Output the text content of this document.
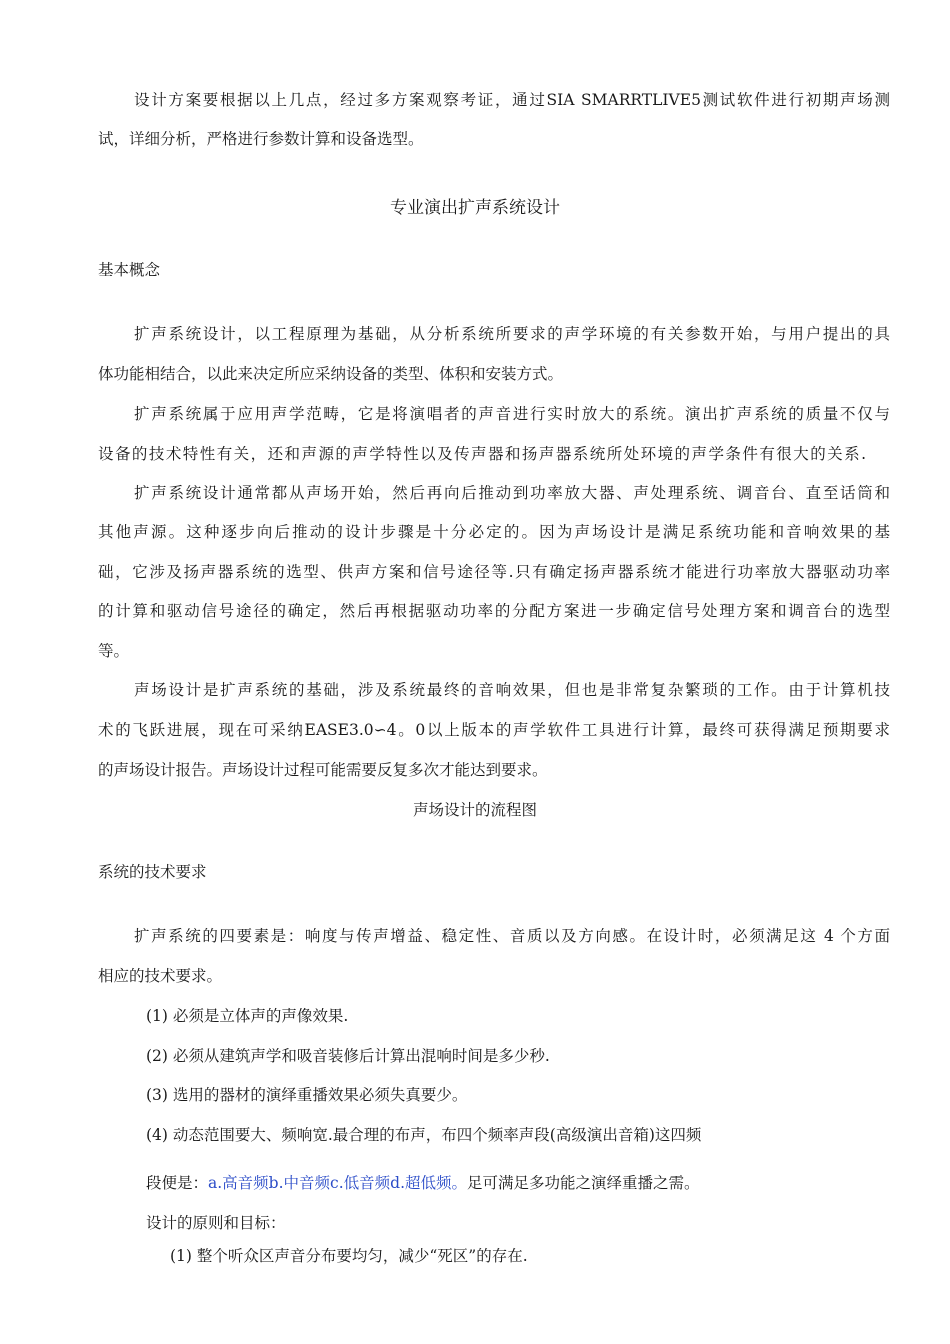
设计方案要根据以上几点，经过多方案观察考证，通过SIA SMARRTLIVE5测试软件进行初期声场测
试，详细分析，严格进行参数计算和设备选型。
专业演出扩声系统设计
基本概念
扩声系统设计，以工程原理为基础，从分析系统所要求的声学环境的有关参数开始，与用户提出的具
体功能相结合，以此来决定所应采纳设备的类型、体积和安装方式。
扩声系统属于应用声学范畴，它是将演唱者的声音进行实时放大的系统。演出扩声系统的质量不仅与
设备的技术特性有关，还和声源的声学特性以及传声器和扬声器系统所处环境的声学条件有很大的关系.
扩声系统设计通常都从声场开始，然后再向后推动到功率放大器、声处理系统、调音台、直至话筒和
其他声源。这种逐步向后推动的设计步骤是十分必定的。因为声场设计是满足系统功能和音响效果的基
础，它涉及扬声器系统的选型、供声方案和信号途径等.只有确定扬声器系统才能进行功率放大器驱动功率
的计算和驱动信号途径的确定，然后再根据驱动功率的分配方案进一步确定信号处理方案和调音台的选型
等。
声场设计是扩声系统的基础，涉及系统最终的音响效果，但也是非常复杂繁琐的工作。由于计算机技
术的飞跃进展，现在可采纳EASE3.0∽4。0以上版本的声学软件工具进行计算，最终可获得满足预期要求
的声场设计报告。声场设计过程可能需要反复多次才能达到要求。
声场设计的流程图
系统的技术要求
扩声系统的四要素是：响度与传声增益、稳定性、音质以及方向感。在设计时，必须满足这 4 个方面
相应的技术要求。
(1) 必须是立体声的声像效果.
(2) 必须从建筑声学和吸音装修后计算出混响时间是多少秒.
(3) 选用的器材的演绎重播效果必须失真要少。
(4) 动态范围要大、频响宽.最合理的布声，布四个频率声段(高级演出音箱)这四频
段便是：a.高音频b.中音频c.低音频d.超低频。足可满足多功能之演绎重播之需。
设计的原则和目标：
(1) 整个听众区声音分布要均匀，减少“死区”的存在.
